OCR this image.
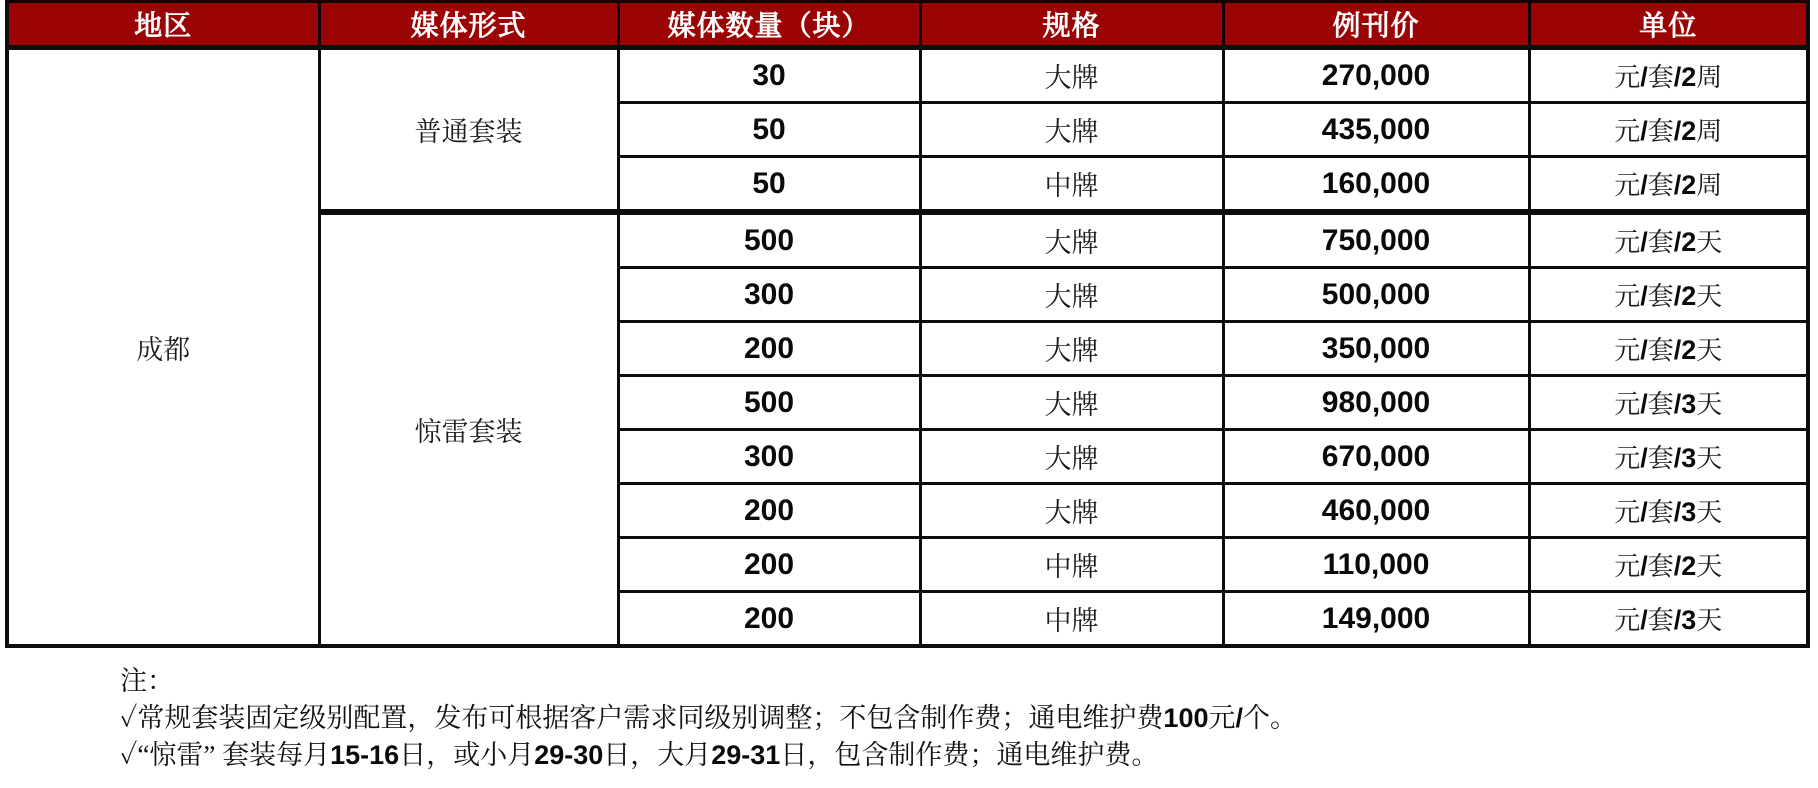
地区	媒体形式	媒体数量（块）	规格	例刊价	单位
成都	普通套装	30	大牌	270,000	元/套/2周
		50	大牌	435,000	元/套/2周
		50	中牌	160,000	元/套/2周
	惊雷套装	500	大牌	750,000	元/套/2天
		300	大牌	500,000	元/套/2天
		200	大牌	350,000	元/套/2天
		500	大牌	980,000	元/套/3天
		300	大牌	670,000	元/套/3天
		200	大牌	460,000	元/套/3天
		200	中牌	110,000	元/套/2天
		200	中牌	149,000	元/套/3天
注：
✓常规套装固定级别配置，发布可根据客户需求同级别调整；不包含制作费；通电维护费100元/个。
✓“惊雷” 套装每月15-16日，或小月29-30日，大月29-31日，包含制作费；通电维护费。
